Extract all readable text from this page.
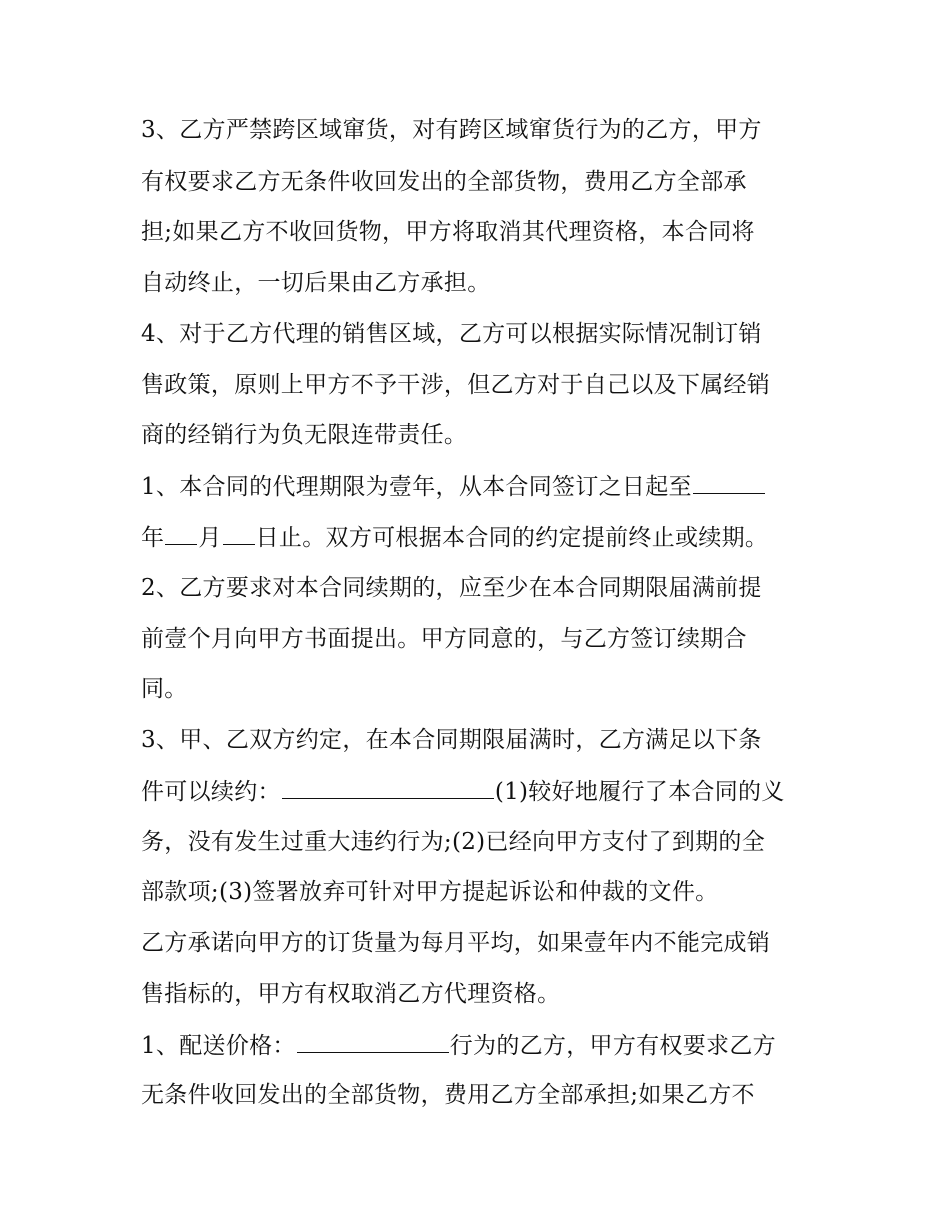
3、乙方严禁跨区域窜货，对有跨区域窜货行为的乙方，甲方
有权要求乙方无条件收回发出的全部货物，费用乙方全部承
担;如果乙方不收回货物，甲方将取消其代理资格，本合同将
自动终止，一切后果由乙方承担。
4、对于乙方代理的销售区域，乙方可以根据实际情况制订销
售政策，原则上甲方不予干涉，但乙方对于自己以及下属经销
商的经销行为负无限连带责任。
1、本合同的代理期限为壹年，从本合同签订之日起至
年 月 日止。双方可根据本合同的约定提前终止或续期。
2、乙方要求对本合同续期的，应至少在本合同期限届满前提
前壹个月向甲方书面提出。甲方同意的，与乙方签订续期合
同。
3、甲、乙双方约定，在本合同期限届满时，乙方满足以下条
件可以续约：	(1)较好地履行了本合同的义
务，没有发生过重大违约行为;(2)已经向甲方支付了到期的全
部款项;(3)签署放弃可针对甲方提起诉讼和仲裁的文件。
乙方承诺向甲方的订货量为每月平均，如果壹年内不能完成销
售指标的，甲方有权取消乙方代理资格。
1、配送价格：	行为的乙方，甲方有权要求乙方
无条件收回发出的全部货物，费用乙方全部承担;如果乙方不
